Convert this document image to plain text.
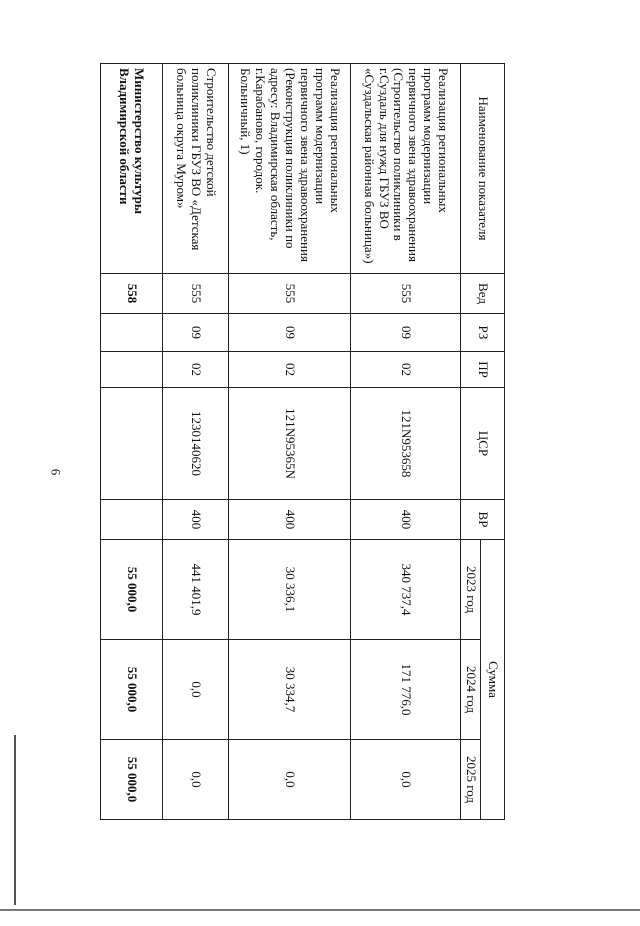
6
Наименование показателя	Вед	РЗ	ПР	ЦСР	ВР	Сумма		
						2023 год	2024 год	2025 год
Реализация региональных программ модернизации первичного звена здравоохранения (Строительство поликлиники в г.Суздаль для нужд ГБУЗ ВО «Суздальская районная больница»)	555	09	02	121N953658	400	340 737,4	171 776,0	0,0
Реализация региональных программ модернизации первичного звена здравоохранения (Реконструкция поликлиники по адресу: Владимирская область, г.Карабаново, городок. Больничный, 1)	555	09	02	121N95365N	400	30 336,1	30 334,7	0,0
Строительство детской поликлиники ГБУЗ ВО «Детская больница округа Муром»	555	09	02	1230140620	400	441 401,9	0,0	0,0
Министерство культуры Владимирской области	558					55 000,0	55 000,0	55 000,0
